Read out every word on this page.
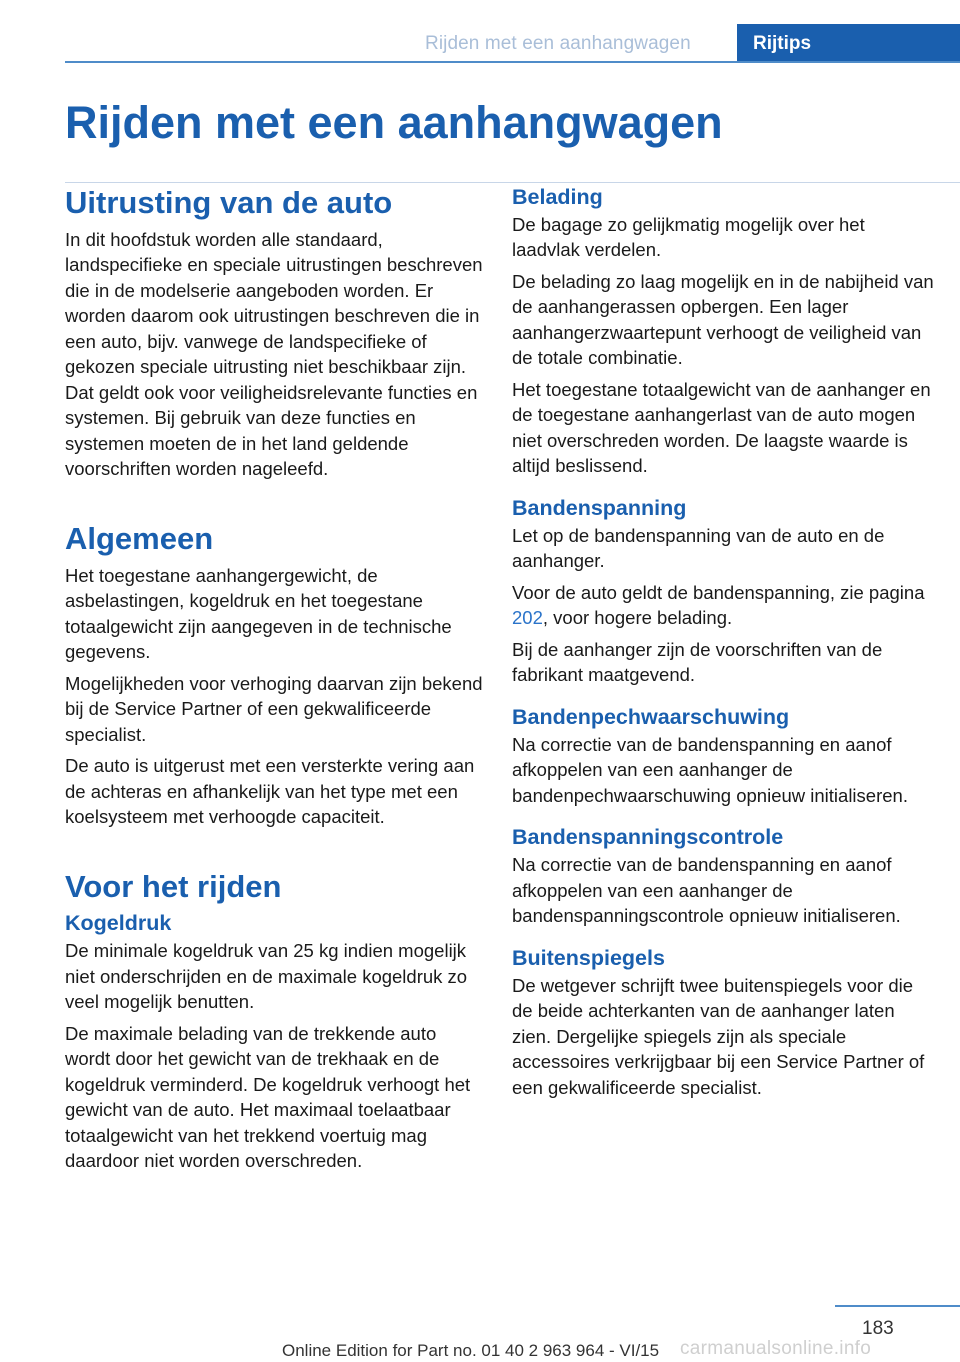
Rijden met een aanhangwagen	Rijtips
Rijden met een aanhangwagen
Uitrusting van de auto

In dit hoofdstuk worden alle standaard, landspecifieke en speciale uitrustingen beschreven die in de modelserie aangeboden worden. Er worden daarom ook uitrustingen beschreven die in een auto, bijv. vanwege de landspecifieke of gekozen speciale uitrusting niet beschikbaar zijn. Dat geldt ook voor veiligheidsrelevante functies en systemen. Bij gebruik van deze functies en systemen moeten de in het land geldende voorschriften worden nageleefd.

Algemeen

Het toegestane aanhangergewicht, de asbelastingen, kogeldruk en het toegestane totaalgewicht zijn aangegeven in de technische gegevens.

Mogelijkheden voor verhoging daarvan zijn bekend bij de Service Partner of een gekwalificeerde specialist.

De auto is uitgerust met een versterkte vering aan de achteras en afhankelijk van het type met een koelsysteem met verhoogde capaciteit.

Voor het rijden
Kogeldruk

De minimale kogeldruk van 25 kg indien mogelijk niet onderschrijden en de maximale kogeldruk zo veel mogelijk benutten.

De maximale belading van de trekkende auto wordt door het gewicht van de trekhaak en de kogeldruk verminderd. De kogeldruk verhoogt het gewicht van de auto. Het maximaal toelaatbaar totaalgewicht van het trekkend voertuig mag daardoor niet worden overschreden.

Belading

De bagage zo gelijkmatig mogelijk over het laadvlak verdelen.

De belading zo laag mogelijk en in de nabijheid van de aanhangerassen opbergen. Een lager aanhangerzwaartepunt verhoogt de veiligheid van de totale combinatie.

Het toegestane totaalgewicht van de aanhanger en de toegestane aanhangerlast van de auto mogen niet overschreden worden. De laagste waarde is altijd beslissend.

Bandenspanning

Let op de bandenspanning van de auto en de aanhanger.

Voor de auto geldt de bandenspanning, zie pagina 202, voor hogere belading.

Bij de aanhanger zijn de voorschriften van de fabrikant maatgevend.

Bandenpechwaarschuwing

Na correctie van de bandenspanning en aanof afkoppelen van een aanhanger de bandenpechwaarschuwing opnieuw initialiseren.

Bandenspanningscontrole

Na correctie van de bandenspanning en aanof afkoppelen van een aanhanger de bandenspanningscontrole opnieuw initialiseren.

Buitenspiegels

De wetgever schrijft twee buitenspiegels voor die de beide achterkanten van de aanhanger laten zien. Dergelijke spiegels zijn als speciale accessoires verkrijgbaar bij een Service Partner of een gekwalificeerde specialist.

183
Online Edition for Part no. 01 40 2 963 964 - VI/15 carmanualsonline.info
